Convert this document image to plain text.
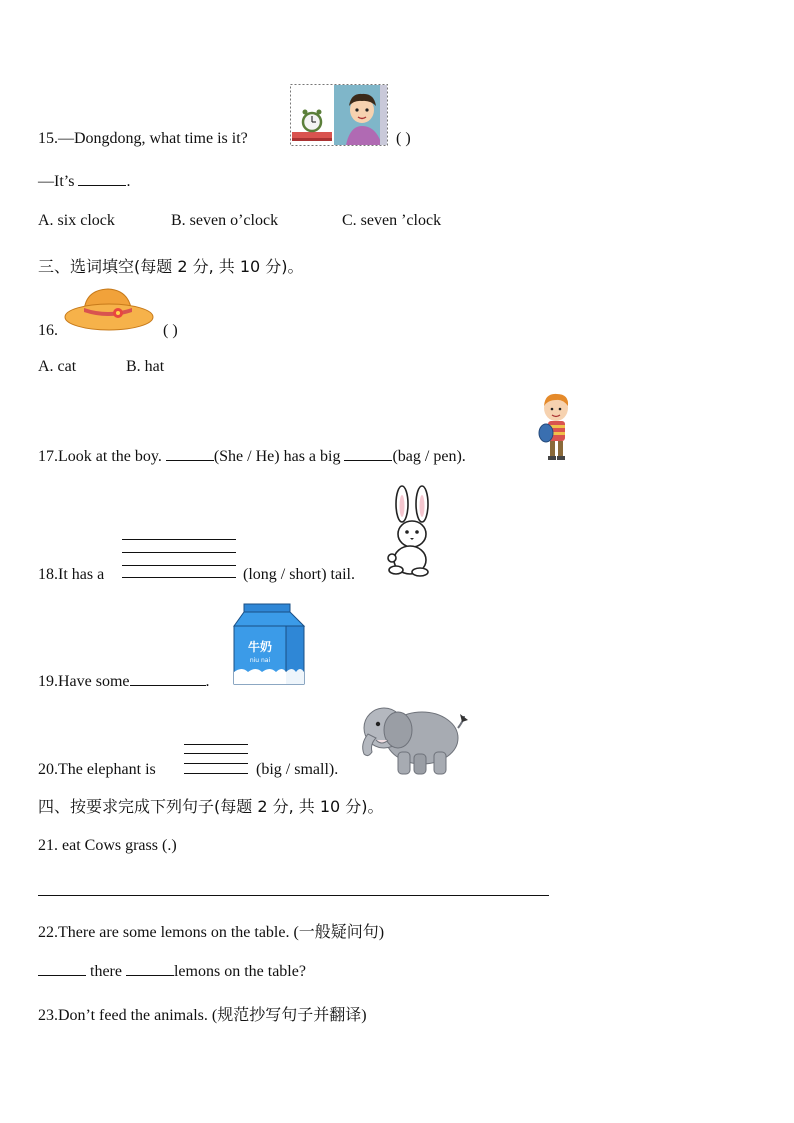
15.—Dongdong, what time is it?	( )
—It’s	.
A. six clock	B. seven o’clock	C. seven ’clock
三、选词填空(每题 2 分, 共 10 分)。
16.	( )
A. cat	B. hat
17.Look at the boy.	(She / He) has a big	(bag / pen).
18.It has a	(long / short) tail.
19.Have some	.
牛奶
niu nai
20.The elephant is	(big / small).
四、按要求完成下列句子(每题 2 分, 共 10 分)。
21. eat Cows grass (.)
22.There are some lemons on the table. (一般疑问句)
there	lemons on the table?
23.Don’t feed the animals. (规范抄写句子并翻译)
